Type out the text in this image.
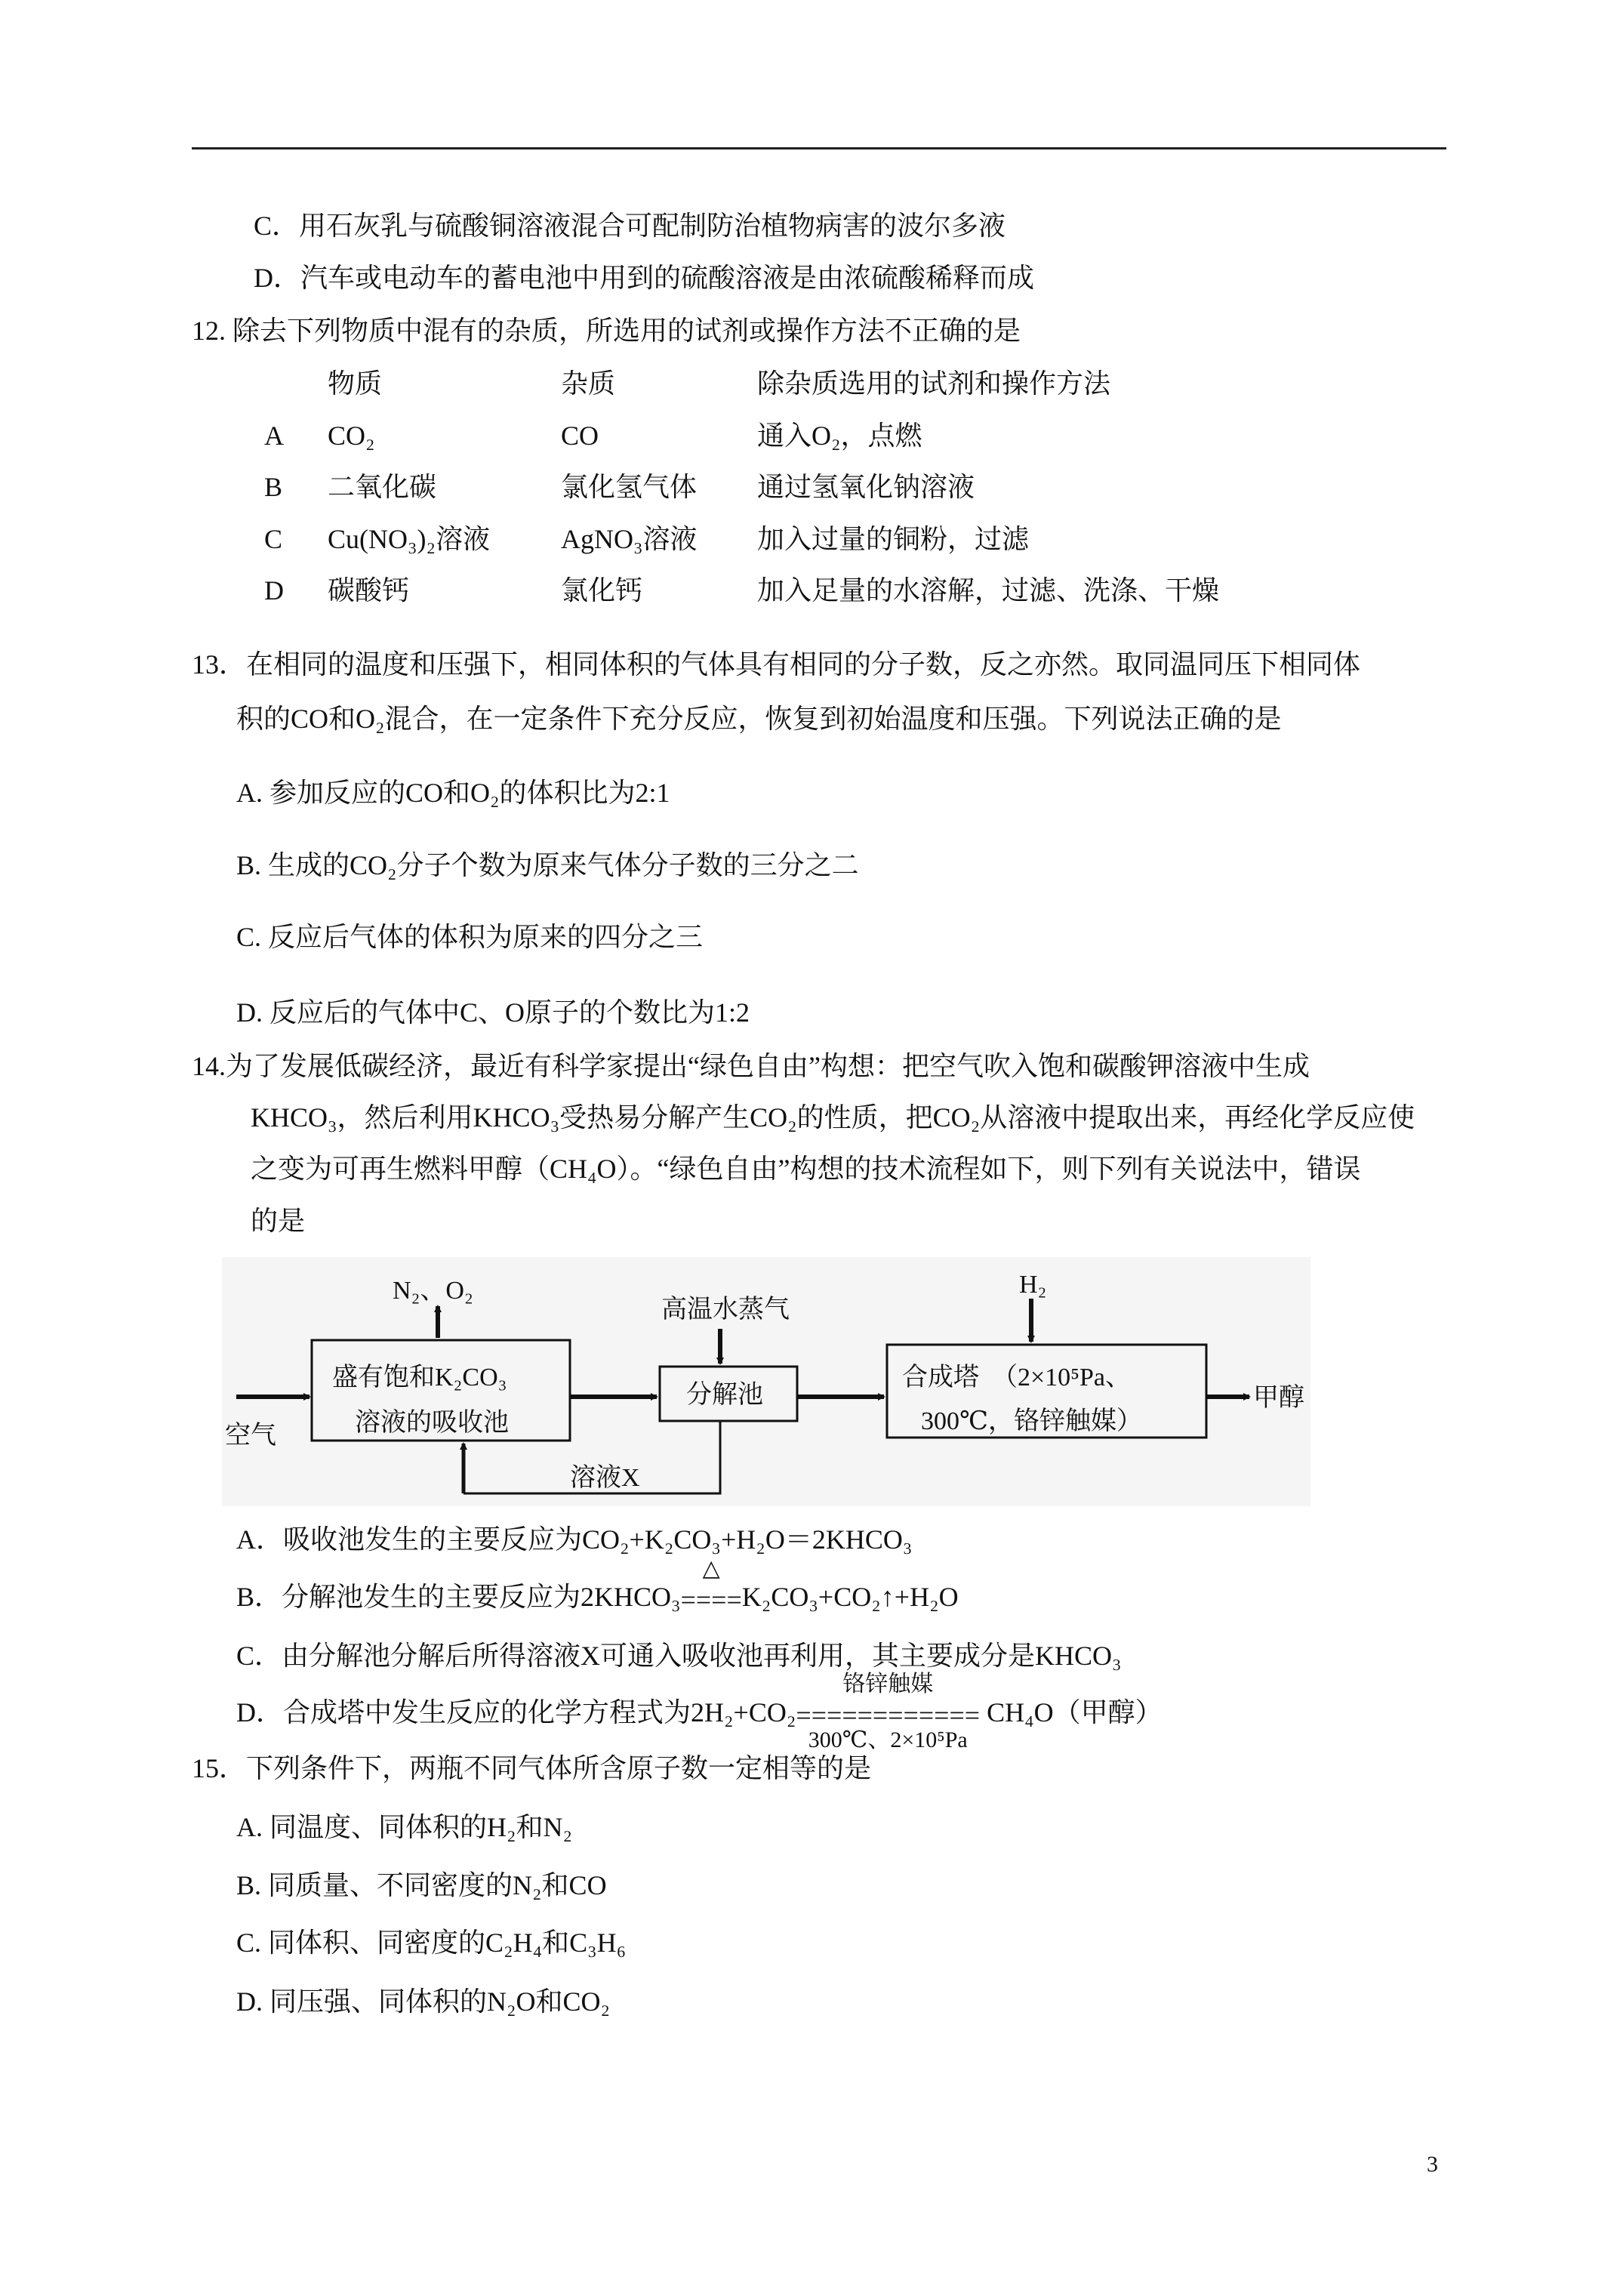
C．用石灰乳与硫酸铜溶液混合可配制防治植物病害的波尔多液
D．汽车或电动车的蓄电池中用到的硫酸溶液是由浓硫酸稀释而成
12. 除去下列物质中混有的杂质，所选用的试剂或操作方法不正确的是
物质	杂质	除杂质选用的试剂和操作方法
A CO₂	CO	通入O₂，点燃
B 二氧化碳	氯化氢气体 通过氢氧化钠溶液
C Cu(NO₃)₂溶液	AgNO₃溶液 加入过量的铜粉，过滤
D 碳酸钙	氯化钙	加入足量的水溶解，过滤、洗涤、干燥
13．在相同的温度和压强下，相同体积的气体具有相同的分子数，反之亦然。取同温同压下相同体
积的CO和O₂混合，在一定条件下充分反应，恢复到初始温度和压强。下列说法正确的是
A. 参加反应的CO和O₂的体积比为2:1
B. 生成的CO₂分子个数为原来气体分子数的三分之二
C. 反应后气体的体积为原来的四分之三
D. 反应后的气体中C、O原子的个数比为1:2
14.为了发展低碳经济，最近有科学家提出“绿色自由”构想：把空气吹入饱和碳酸钾溶液中生成
KHCO₃，然后利用KHCO₃受热易分解产生CO₂的性质，把CO₂从溶液中提取出来，再经化学反应使
之变为可再生燃料甲醇（CH₄O）。“绿色自由”构想的技术流程如下，则下列有关说法中，错误
的是
空气
N₂、O₂
盛有饱和K₂CO₃
溶液的吸收池
高温水蒸气
分解池
H₂
合成塔　（2×10⁵Pa、
300℃，铬锌触媒）
甲醇
溶液X
A．吸收池发生的主要反应为CO₂+K₂CO₃+H₂O＝2KHCO₃
B．分解池发生的主要反应为2KHCO₃
△
====K₂CO₃+CO₂↑+H₂O
C．由分解池分解后所得溶液X可通入吸收池再利用，其主要成分是KHCO₃
D．合成塔中发生反应的化学方程式为2H₂+CO₂
铬锌触媒
============
300℃、2×10⁵Pa
CH₄O（甲醇）
15．下列条件下，两瓶不同气体所含原子数一定相等的是
A. 同温度、同体积的H₂和N₂
B. 同质量、不同密度的N₂和CO
C. 同体积、同密度的C₂H₄和C₃H₆
D. 同压强、同体积的N₂O和CO₂
3
